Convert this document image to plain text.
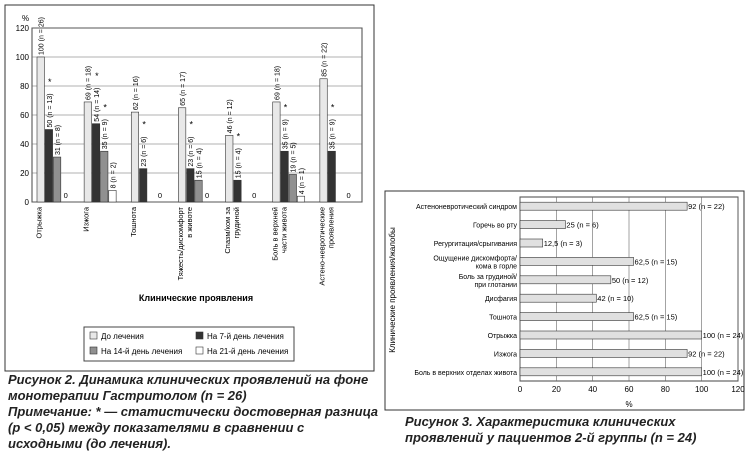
100 (n = 26)
50 (n = 13)
*
31 (n = 8)
0
Отрыжка
69 (n = 18)
54 (n = 14)
*
35 (n = 9)
*
8 (n = 2)
Изжога
62 (n = 16)
23 (n = 6)
*
0
Тошнота
65 (n = 17)
23 (n = 6)
*
15 (n = 4)
0
Тяжесть/дискомфортв животе
46 (n = 12)
15 (n = 4)
*
0
Спазм/ком загрудиной
69 (n = 18)
35 (n = 9)
*
19 (n = 5)
4 (n = 1)
Боль в верхнейчасти живота
85 (n = 22)
35 (n = 9)
*
0
Астено-невротическиепроявления
0
20
40
60
80
100
120
%
Клинические проявления
До лечения	На 7-й день лечения
На 14-й день лечения	На 21-й день лечения
Рисунок 2. Динамика клинических проявлений на фоне монотерапии Гастритолом (n = 26)
Примечание: * — статистически достоверная разница (р < 0,05) между показателями в сравнении с исходными (до лечения).
92 (n = 22)
Астеноневротический синдром
25 (n = 6)
Горечь во рту
12,5 (n = 3)
Регургитация/срыгивания
62,5 (n = 15)
Ощущение дискомфорта/ кома в горле
50 (n = 12)
Боль за грудиной/ при глотании
42 (n = 10)
Дисфагия
62,5 (n = 15)
Тошнота
100 (n = 24)
Отрыжка
92 (n = 22)
Изжога
100 (n = 24)
Боль в верхних отделах живота
0	20	40	60	80	100	120
%
Клинические проявления/жалобы
Рисунок 3. Характеристика клинических проявлений у пациентов 2-й группы (n = 24)
